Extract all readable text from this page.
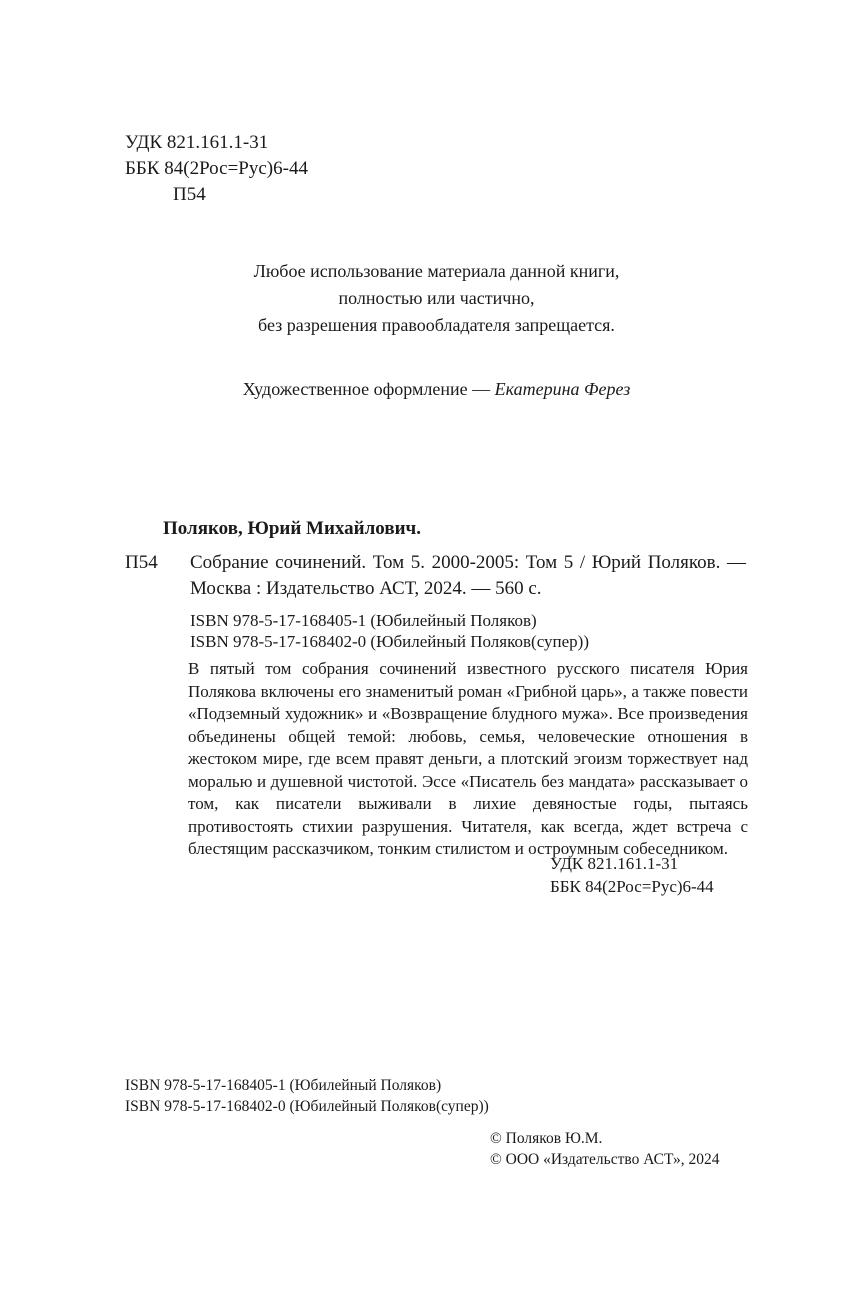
УДК 821.161.1-31
ББК 84(2Рос=Рус)6-44
П54
Любое использование материала данной книги,
полностью или частично,
без разрешения правообладателя запрещается.
Художественное оформление — Екатерина Ферез
Поляков, Юрий Михайлович.
П54 Собрание сочинений. Том 5. 2000-2005: Том 5 / Юрий Поляков. — Москва : Издательство АСТ, 2024. — 560 с.
ISBN 978-5-17-168405-1 (Юбилейный Поляков)
ISBN 978-5-17-168402-0 (Юбилейный Поляков(супер))
В пятый том собрания сочинений известного русского писателя Юрия Полякова включены его знаменитый роман «Грибной царь», а также повести «Подземный художник» и «Возвращение блудного мужа». Все произведения объединены общей темой: любовь, семья, человеческие отношения в жестоком мире, где всем правят деньги, а плотский эгоизм торжествует над моралью и душевной чистотой. Эссе «Писатель без мандата» рассказывает о том, как писатели выживали в лихие девяностые годы, пытаясь противостоять стихии разрушения. Читателя, как всегда, ждет встреча с блестящим рассказчиком, тонким стилистом и остроумным собеседником.
УДК 821.161.1-31
ББК 84(2Рос=Рус)6-44
ISBN 978-5-17-168405-1 (Юбилейный Поляков)
ISBN 978-5-17-168402-0 (Юбилейный Поляков(супер))
© Поляков Ю.М.
© ООО «Издательство АСТ», 2024
